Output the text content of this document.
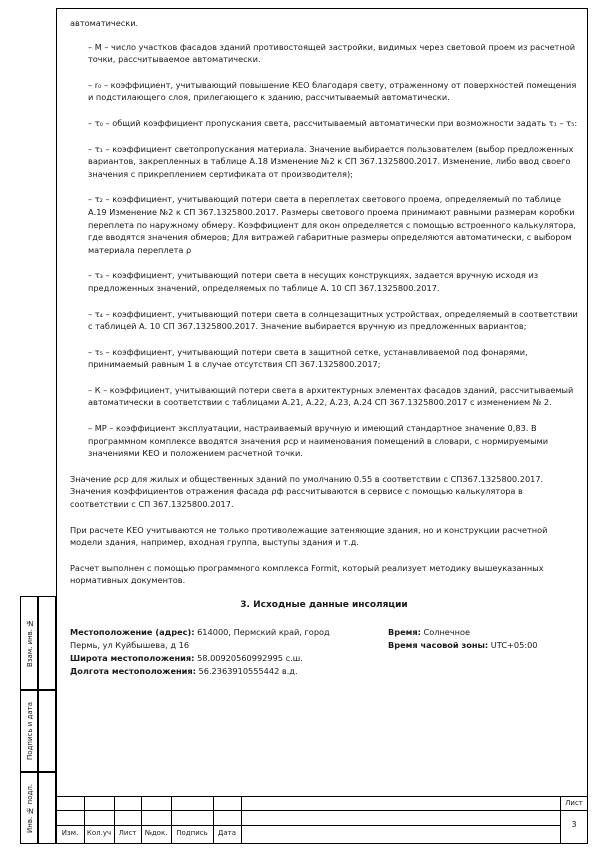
автоматически.

– М – число участков фасадов зданий противостоящей застройки, видимых через световой проем из расчетной точки, рассчитываемое автоматически.

– r₀ – коэффициент, учитывающий повышение КЕО благодаря свету, отраженному от поверхностей помещения и подстилающего слоя, прилегающего к зданию, рассчитываемый автоматически.

– τ₀ – общий коэффициент пропускания света, рассчитываемый автоматически при возможности задать τ₁ – τ₅:

– τ₁ – коэффициент светопропускания материала. Значение выбирается пользователем (выбор предложенных вариантов, закрепленных в таблице А.18 Изменение №2 к СП 367.1325800.2017. Изменение, либо ввод своего значения с прикреплением сертификата от производителя);

– τ₂ – коэффициент, учитывающий потери света в переплетах светового проема, определяемый по таблице А.19 Изменение №2 к СП 367.1325800.2017. Размеры светового проема принимают равными размерам коробки переплета по наружному обмеру. Коэффициент для окон определяется с помощью встроенного калькулятора, где вводятся значения обмеров; Для витражей габаритные размеры определяются автоматически, с выбором материала переплета ρ

– τ₃ – коэффициент, учитывающий потери света в несущих конструкциях, задается вручную исходя из предложенных значений, определяемых по таблице А. 10 СП 367.1325800.2017.

– τ₄ – коэффициент, учитывающий потери света в солнцезащитных устройствах, определяемый в соответствии с таблицей А. 10 СП 367.1325800.2017. Значение выбирается вручную из предложенных вариантов;

– τ₅ – коэффициент, учитывающий потери света в защитной сетке, устанавливаемой под фонарями, принимаемый равным 1 в случае отсутствия СП 367.1325800.2017;

– К – коэффициент, учитывающий потери света в архитектурных элементах фасадов зданий, рассчитываемый автоматически в соответствии с таблицами А.21, А.22, А.23, А.24 СП 367.1325800.2017 с изменением № 2.

– МР – коэффициент эксплуатации, настраиваемый вручную и имеющий стандартное значение 0,83. В программном комплексе вводятся значения ρср и наименования помещений в словари, с нормируемыми значениями КЕО и положением расчетной точки.

Значение ρср для жилых и общественных зданий по умолчанию 0.55 в соответствии с СП367.1325800.2017.

Значения коэффициентов отражения фасада ρф рассчитываются в сервисе с помощью калькулятора в соответствии с СП 367.1325800.2017.

При расчете КЕО учитываются не только противолежащие затеняющие здания, но и конструкции расчетной модели здания, например, входная группа, выступы здания и т.д.

Расчет выполнен с помощью программного комплекса Formit, который реализует методику вышеуказанных нормативных документов.

3. Исходные данные инсоляции
Местоположение (адрес): 614000, Пермский край, город Пермь, ул Куйбышева, д 16
Широта местоположения: 58.00920560992995 с.ш.
Долгота местоположения: 56.2363910555442 в.д.
Время: Солнечное
Время часовой зоны: UTC+05:00
Взам. инв. №
Подпись и дата
Инв. № подл.
Изм.	Кол.уч	Лист	№док.	Подпись	Дата
Лист
3
